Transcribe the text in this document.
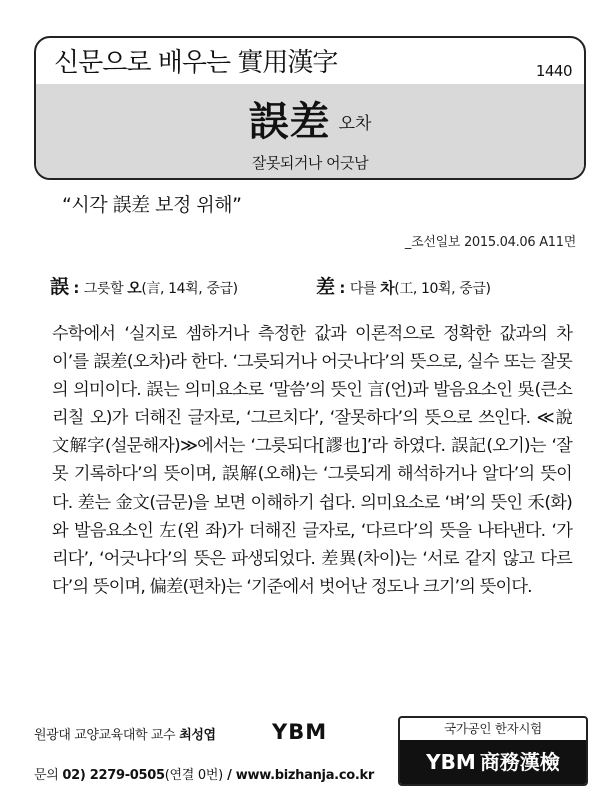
신문으로 배우는 實用漢字	1440
誤差 오차
잘못되거나 어긋남
“시각 誤差 보정 위해”
_조선일보 2015.04.06 A11면
誤 : 그릇할 오(言, 14획, 중급)	差 : 다를 차(工, 10획, 중급)
수학에서 ‘실지로 셈하거나 측정한 값과 이론적으로 정확한 값과의 차이’를 誤差(오차)라 한다. ‘그릇되거나 어긋나다’의 뜻으로, 실수 또는 잘못의 의미이다. 誤는 의미요소로 ‘말씀’의 뜻인 言(언)과 발음요소인 吳(큰소리칠 오)가 더해진 글자로, ‘그르치다’, ‘잘못하다’의 뜻으로 쓰인다. ≪說文解字(설문해자)≫에서는 ‘그릇되다[謬也]’라 하였다. 誤記(오기)는 ‘잘못 기록하다’의 뜻이며, 誤解(오해)는 ‘그릇되게 해석하거나 알다’의 뜻이다. 差는 金文(금문)을 보면 이해하기 쉽다. 의미요소로 ‘벼’의 뜻인 禾(화)와 발음요소인 左(왼 좌)가 더해진 글자로, ‘다르다’의 뜻을 나타낸다. ‘가리다’, ‘어긋나다’의 뜻은 파생되었다. 差異(차이)는 ‘서로 같지 않고 다르다’의 뜻이며, 偏差(편차)는 ‘기준에서 벗어난 정도나 크기’의 뜻이다.
원광대 교양교육대학 교수 최성엽	YBM
문의 02) 2279-0505(연결 0번) / www.bizhanja.co.kr
국가공인 한자시험
YBM 商務漢檢
